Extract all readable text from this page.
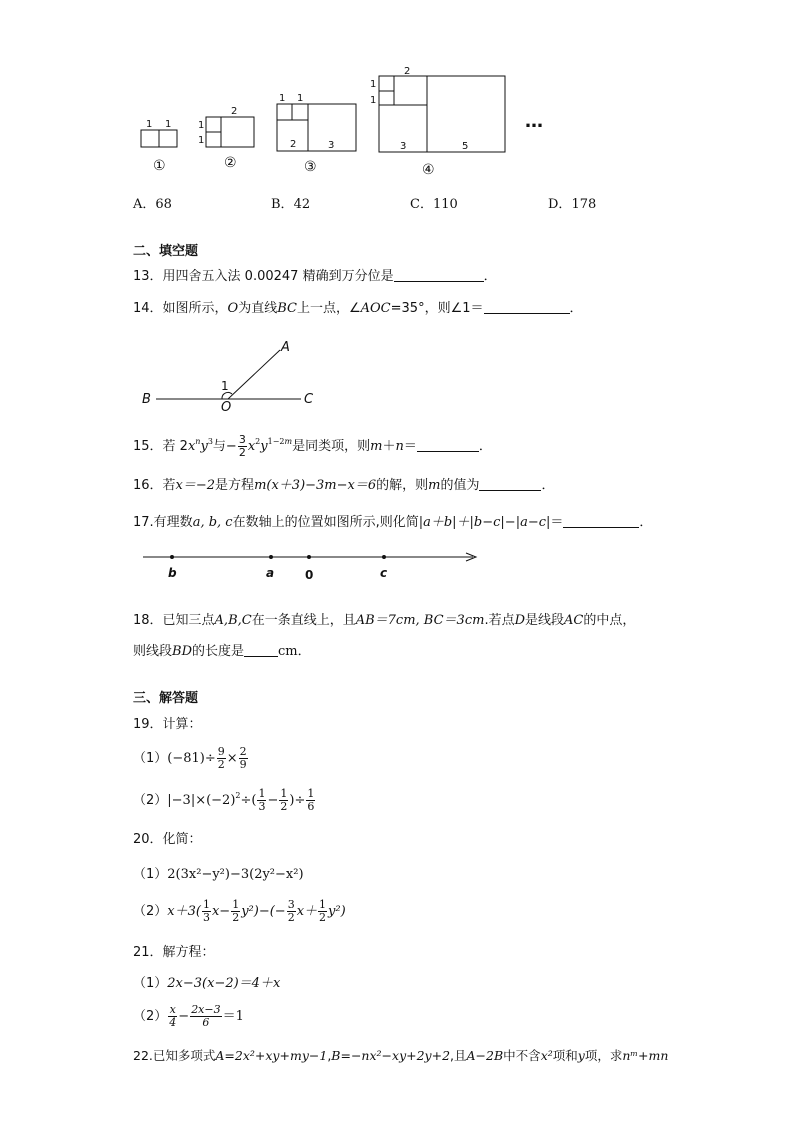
1 1
2
1
1
1 1
2	3
2
1
1
3	5
①	②	③	④
…
A．68	B．42	C．110	D．178
二、填空题
13．用四舍五入法 0.00247 精确到万分位是	．
14．如图所示，O为直线BC上一点，∠AOC=35°，则∠1＝	．
A
B	C
O
1
15．若 $2x^ny^3$与− $\frac{3}{2} x^2y^{1-2m}$是同类项，则m＋n＝	．
16．若x＝−2是方程m(x＋3)−3m−x＝6的解，则m的值为	．
17.有理数a, b, c在数轴上的位置如图所示,则化简|a＋b|＋|b−c|−|a−c|＝	．
b	a	0	c
18．已知三点A,B,C在一条直线上，且AB＝7cm, BC＝3cm.若点D是线段AC的中点，
则线段BD的长度是	cm．
三、解答题
19．计算：
$(1)(-81)\div \frac{9}{2} \times \frac{2}{9}$
$(2)|-3|\times(-2)^2\div( \frac{1}{3} - \frac{1}{2}$ )÷ $\frac{1}{6}$
20．化简：
（1）2(3x²−y²)−3(2y²−x²)
$(2)x+3( \frac{1}{3} x- \frac{1}{2} y^2)-(- \frac{3}{2} x+ \frac{1}{2} y^2)$
21．解方程：
（1）2x−3(x−2)＝4＋x
$(2) \frac{x}{4} - \frac{2x-3}{6} =1$
22.已知多项式A=2x²+xy+my−1,B=−nx²−xy+2y+2,且A−2B中不含x²项和y项，求nᵐ+mn
